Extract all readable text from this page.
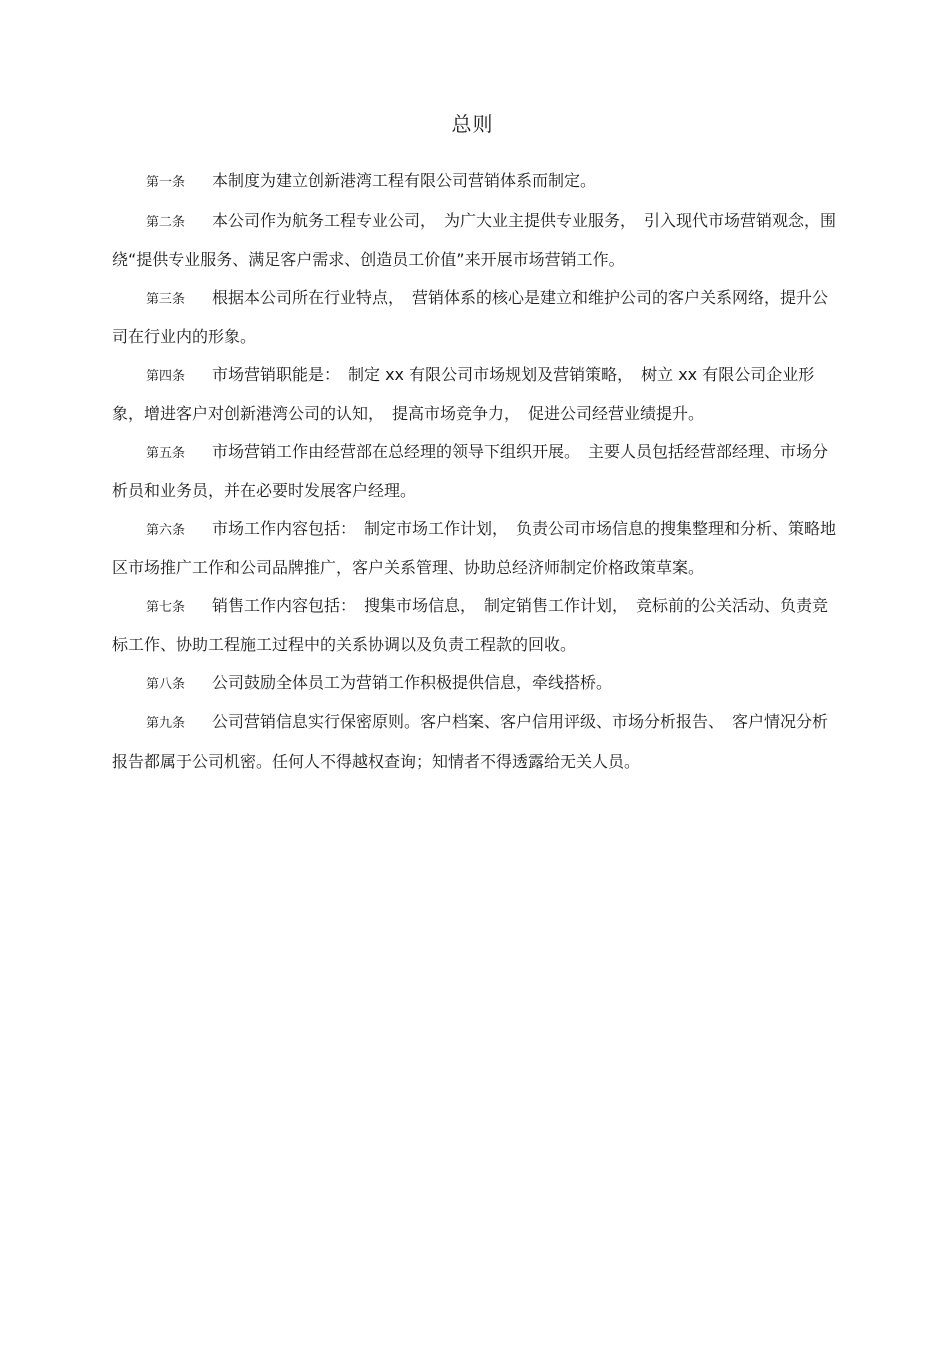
总则

第一条 本制度为建立创新港湾工程有限公司营销体系而制定。

第二条 本公司作为航务工程专业公司，　为广大业主提供专业服务，　引入现代市场营销观念，围绕“提供专业服务、满足客户需求、创造员工价值”来开展市场营销工作。

第三条 根据本公司所在行业特点，　营销体系的核心是建立和维护公司的客户关系网络，提升公司在行业内的形象。

第四条 市场营销职能是：　制定 xx 有限公司市场规划及营销策略，　树立 xx 有限公司企业形象，增进客户对创新港湾公司的认知，　提高市场竞争力，　促进公司经营业绩提升。

第五条 市场营销工作由经营部在总经理的领导下组织开展。　主要人员包括经营部经理、市场分析员和业务员，并在必要时发展客户经理。

第六条 市场工作内容包括：　制定市场工作计划，　负责公司市场信息的搜集整理和分析、策略地区市场推广工作和公司品牌推广，客户关系管理、协助总经济师制定价格政策草案。

第七条 销售工作内容包括：　搜集市场信息，　制定销售工作计划，　竞标前的公关活动、负责竞标工作、协助工程施工过程中的关系协调以及负责工程款的回收。

第八条 公司鼓励全体员工为营销工作积极提供信息，牵线搭桥。

第九条 公司营销信息实行保密原则。客户档案、客户信用评级、市场分析报告、　客户情况分析报告都属于公司机密。任何人不得越权查询；知情者不得透露给无关人员。
